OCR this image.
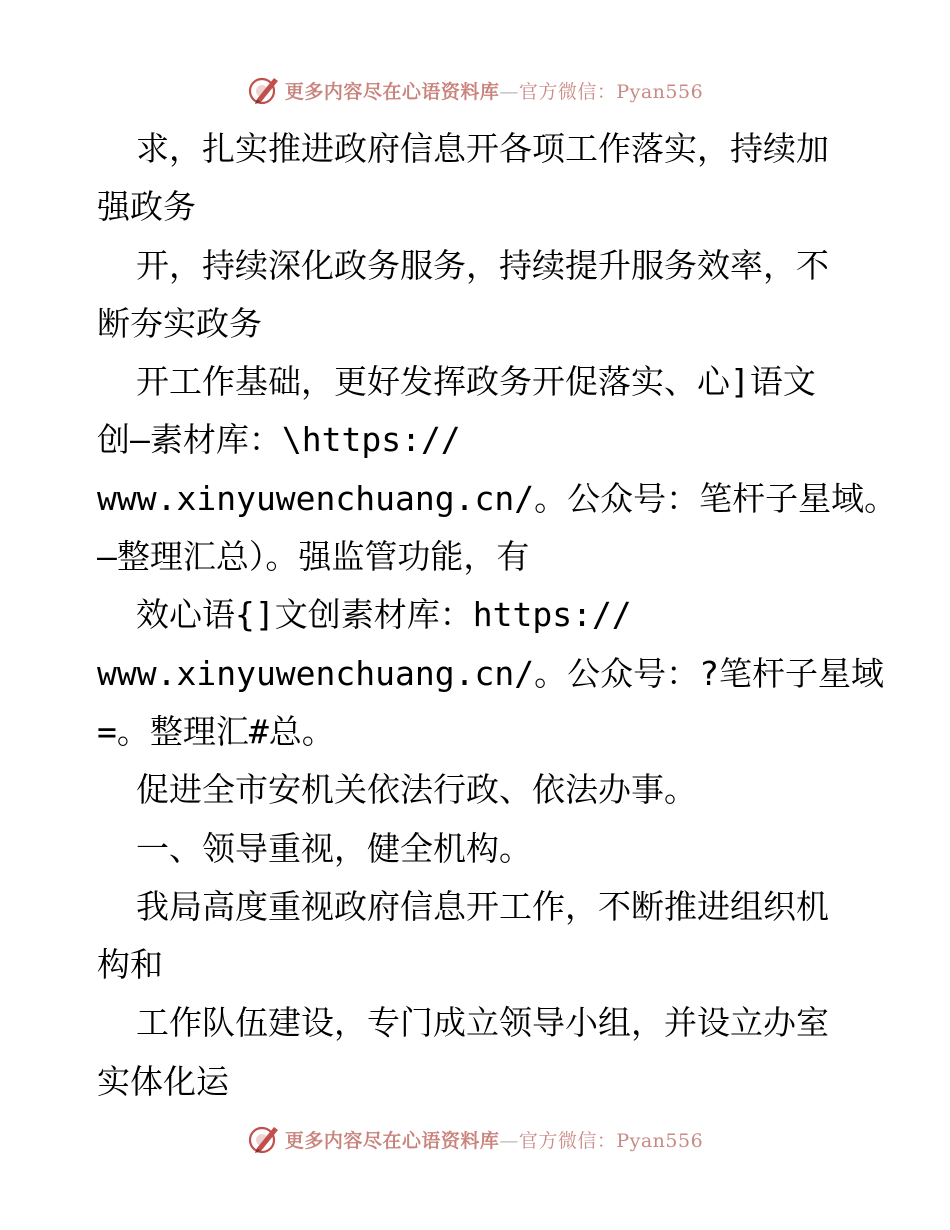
更多内容尽在心语资料库—官方微信：Pyan556
求，扎实推进政府信息开各项工作落实，持续加
强政务
开，持续深化政务服务，持续提升服务效率，不
断夯实政务
开工作基础，更好发挥政务开促落实、心]语文
创—素材库：\https://
www.xinyuwenchuang.cn/。公众号：笔杆子星域。
—整理汇总）。强监管功能，有
效心语{]文创素材库：https://
www.xinyuwenchuang.cn/。公众号：?笔杆子星域
=。整理汇#总。
促进全市安机关依法行政、依法办事。
一、领导重视，健全机构。
我局高度重视政府信息开工作，不断推进组织机
构和
工作队伍建设，专门成立领导小组，并设立办室
实体化运
更多内容尽在心语资料库—官方微信：Pyan556
